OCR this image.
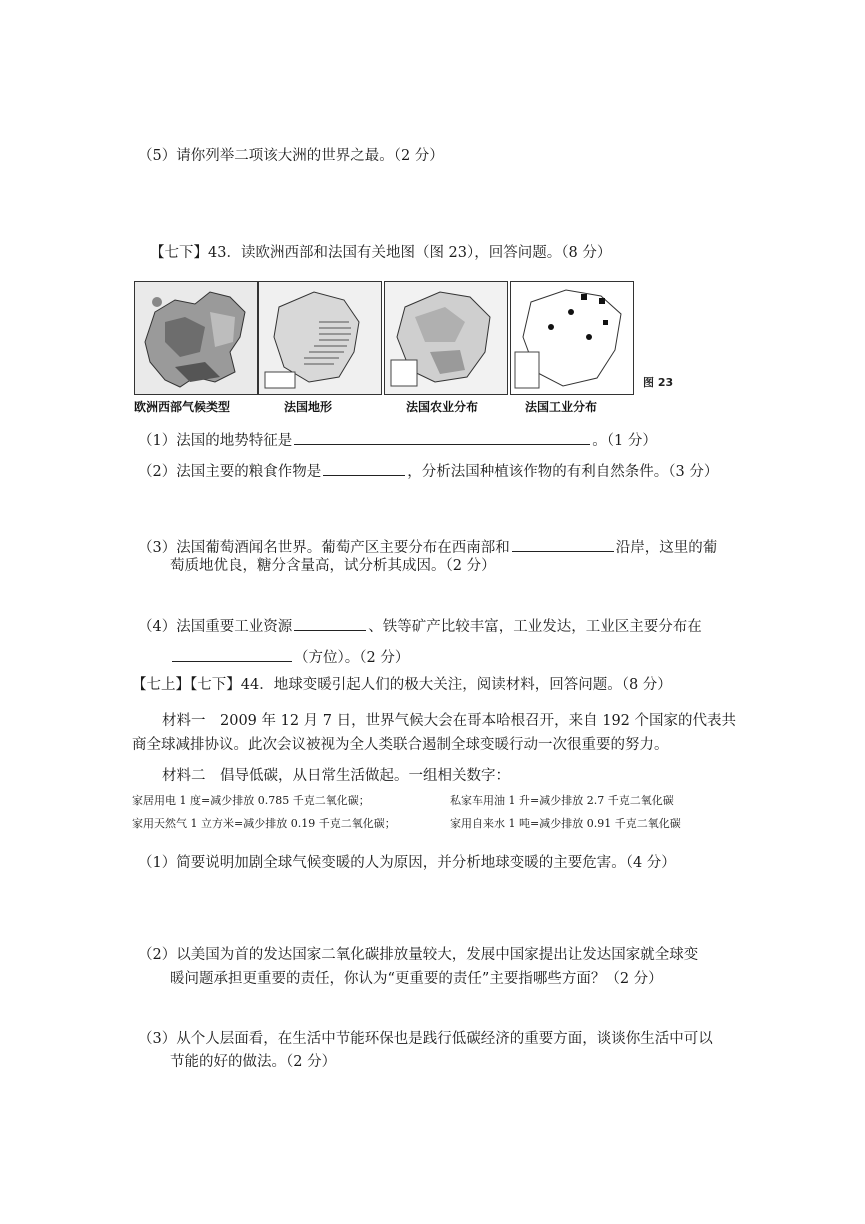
（5）请你列举二项该大洲的世界之最。（2 分）
【七下】43．读欧洲西部和法国有关地图（图 23），回答问题。（8 分）
图 23
欧洲西部气候类型	法国地形	法国农业分布	法国工业分布
（1）法国的地势特征是	。（1 分）
（2）法国主要的粮食作物是	，分析法国种植该作物的有利自然条件。（3 分）
（3）法国葡萄酒闻名世界。葡萄产区主要分布在西南部和	沿岸，这里的葡
萄质地优良，糖分含量高，试分析其成因。（2 分）
（4）法国重要工业资源	、铁等矿产比较丰富，工业发达，工业区主要分布在
（方位）。（2 分）
【七上】【七下】44．地球变暖引起人们的极大关注，阅读材料，回答问题。（8 分）
材料一　2009 年 12 月 7 日，世界气候大会在哥本哈根召开，来自 192 个国家的代表共
商全球减排协议。此次会议被视为全人类联合遏制全球变暖行动一次很重要的努力。
材料二　倡导低碳，从日常生活做起。一组相关数字：
家居用电 1 度=减少排放 0.785 千克二氧化碳；	私家车用油 1 升=减少排放 2.7 千克二氧化碳
家用天然气 1 立方米=减少排放 0.19 千克二氧化碳；	家用自来水 1 吨=减少排放 0.91 千克二氧化碳
（1）简要说明加剧全球气候变暖的人为原因，并分析地球变暖的主要危害。（4 分）
（2）以美国为首的发达国家二氧化碳排放量较大，发展中国家提出让发达国家就全球变
暖问题承担更重要的责任，你认为“更重要的责任”主要指哪些方面？（2 分）
（3）从个人层面看，在生活中节能环保也是践行低碳经济的重要方面，谈谈你生活中可以
节能的好的做法。（2 分）
